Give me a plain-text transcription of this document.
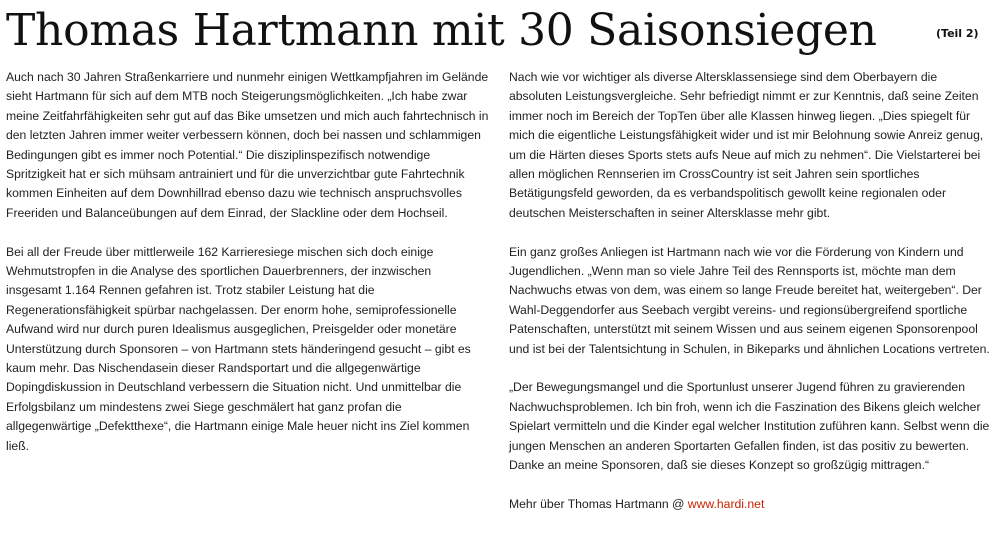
Thomas Hartmann mit 30 Saisonsiegen	(Teil 2)

Auch nach 30 Jahren Straßenkarriere und nunmehr einigen Wettkampfjahren im Gelände sieht Hartmann für sich auf dem MTB noch Steigerungsmöglichkeiten. „Ich habe zwar meine Zeitfahrfähigkeiten sehr gut auf das Bike umsetzen und mich auch fahrtechnisch in den letzten Jahren immer weiter verbessern können, doch bei nassen und schlammigen Bedingungen gibt es immer noch Potential.“ Die disziplinspezifisch notwendige Spritzigkeit hat er sich mühsam antrainiert und für die unverzichtbar gute Fahrtechnik kommen Einheiten auf dem Downhillrad ebenso dazu wie technisch anspruchsvolles Freeriden und Balanceübungen auf dem Einrad, der Slackline oder dem Hochseil.

Bei all der Freude über mittlerweile 162 Karrieresiege mischen sich doch einige Wehmutstropfen in die Analyse des sportlichen Dauerbrenners, der inzwischen insgesamt 1.164 Rennen gefahren ist. Trotz stabiler Leistung hat die Regenerationsfähigkeit spürbar nachgelassen. Der enorm hohe, semiprofessionelle Aufwand wird nur durch puren Idealismus ausgeglichen, Preisgelder oder monetäre Unterstützung durch Sponsoren – von Hartmann stets händeringend gesucht – gibt es kaum mehr. Das Nischendasein dieser Randsportart und die allgegenwärtige Dopingdiskussion in Deutschland verbessern die Situation nicht. Und unmittelbar die Erfolgsbilanz um mindestens zwei Siege geschmälert hat ganz profan die allgegenwärtige „Defektthexe“, die Hartmann einige Male heuer nicht ins Ziel kommen ließ.

Nach wie vor wichtiger als diverse Altersklassensiege sind dem Oberbayern die absoluten Leistungsvergleiche. Sehr befriedigt nimmt er zur Kenntnis, daß seine Zeiten immer noch im Bereich der TopTen über alle Klassen hinweg liegen. „Dies spiegelt für mich die eigentliche Leistungsfähigkeit wider und ist mir Belohnung sowie Anreiz genug, um die Härten dieses Sports stets aufs Neue auf mich zu nehmen“. Die Vielstarterei bei allen möglichen Rennserien im CrossCountry ist seit Jahren sein sportliches Betätigungsfeld geworden, da es verbandspolitisch gewollt keine regionalen oder deutschen Meisterschaften in seiner Altersklasse mehr gibt.

Ein ganz großes Anliegen ist Hartmann nach wie vor die Förderung von Kindern und Jugendlichen. „Wenn man so viele Jahre Teil des Rennsports ist, möchte man dem Nachwuchs etwas von dem, was einem so lange Freude bereitet hat, weitergeben“. Der Wahl-Deggendorfer aus Seebach vergibt vereins- und regionsübergreifend sportliche Patenschaften, unterstützt mit seinem Wissen und aus seinem eigenen Sponsorenpool und ist bei der Talentsichtung in Schulen, in Bikeparks und ähnlichen Locations vertreten.

„Der Bewegungsmangel und die Sportunlust unserer Jugend führen zu gravierenden Nachwuchsproblemen. Ich bin froh, wenn ich die Faszination des Bikens gleich welcher Spielart vermitteln und die Kinder egal welcher Institution zuführen kann. Selbst wenn die jungen Menschen an anderen Sportarten Gefallen finden, ist das positiv zu bewerten. Danke an meine Sponsoren, daß sie dieses Konzept so großzügig mittragen.“

Mehr über Thomas Hartmann @ www.hardi.net
